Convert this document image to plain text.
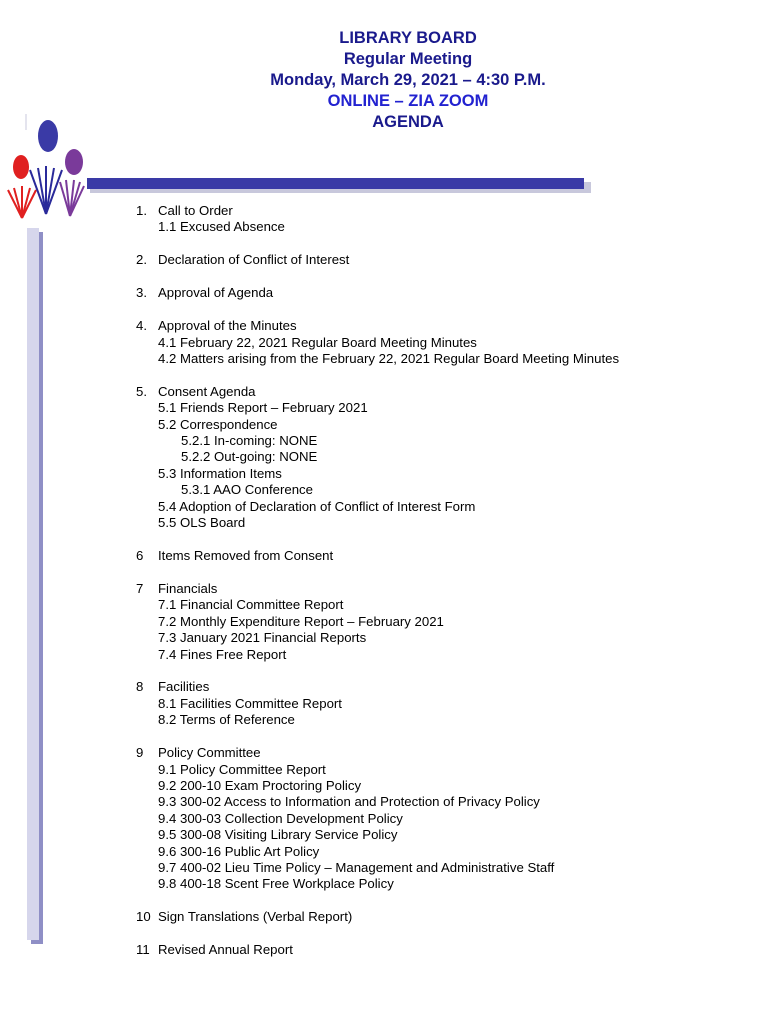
LIBRARY BOARD
Regular Meeting
Monday, March 29, 2021 – 4:30 P.M.
ONLINE – ZIA ZOOM
AGENDA
1. Call to Order
1.1 Excused Absence
2. Declaration of Conflict of Interest
3. Approval of Agenda
4. Approval of the Minutes
4.1 February 22, 2021 Regular Board Meeting Minutes
4.2 Matters arising from the February 22, 2021 Regular Board Meeting Minutes
5. Consent Agenda
5.1 Friends Report – February 2021
5.2 Correspondence
5.2.1 In-coming: NONE
5.2.2 Out-going: NONE
5.3 Information Items
5.3.1 AAO Conference
5.4 Adoption of Declaration of Conflict of Interest Form
5.5 OLS Board
6	Items Removed from Consent
7	Financials
7.1 Financial Committee Report
7.2 Monthly Expenditure Report – February 2021
7.3 January 2021 Financial Reports
7.4 Fines Free Report
8	Facilities
8.1 Facilities Committee Report
8.2 Terms of Reference
9	Policy Committee
9.1 Policy Committee Report
9.2 200-10 Exam Proctoring Policy
9.3 300-02 Access to Information and Protection of Privacy Policy
9.4 300-03 Collection Development Policy
9.5 300-08 Visiting Library Service Policy
9.6 300-16 Public Art Policy
9.7 400-02 Lieu Time Policy – Management and Administrative Staff
9.8 400-18 Scent Free Workplace Policy
10 Sign Translations (Verbal Report)
11 Revised Annual Report
